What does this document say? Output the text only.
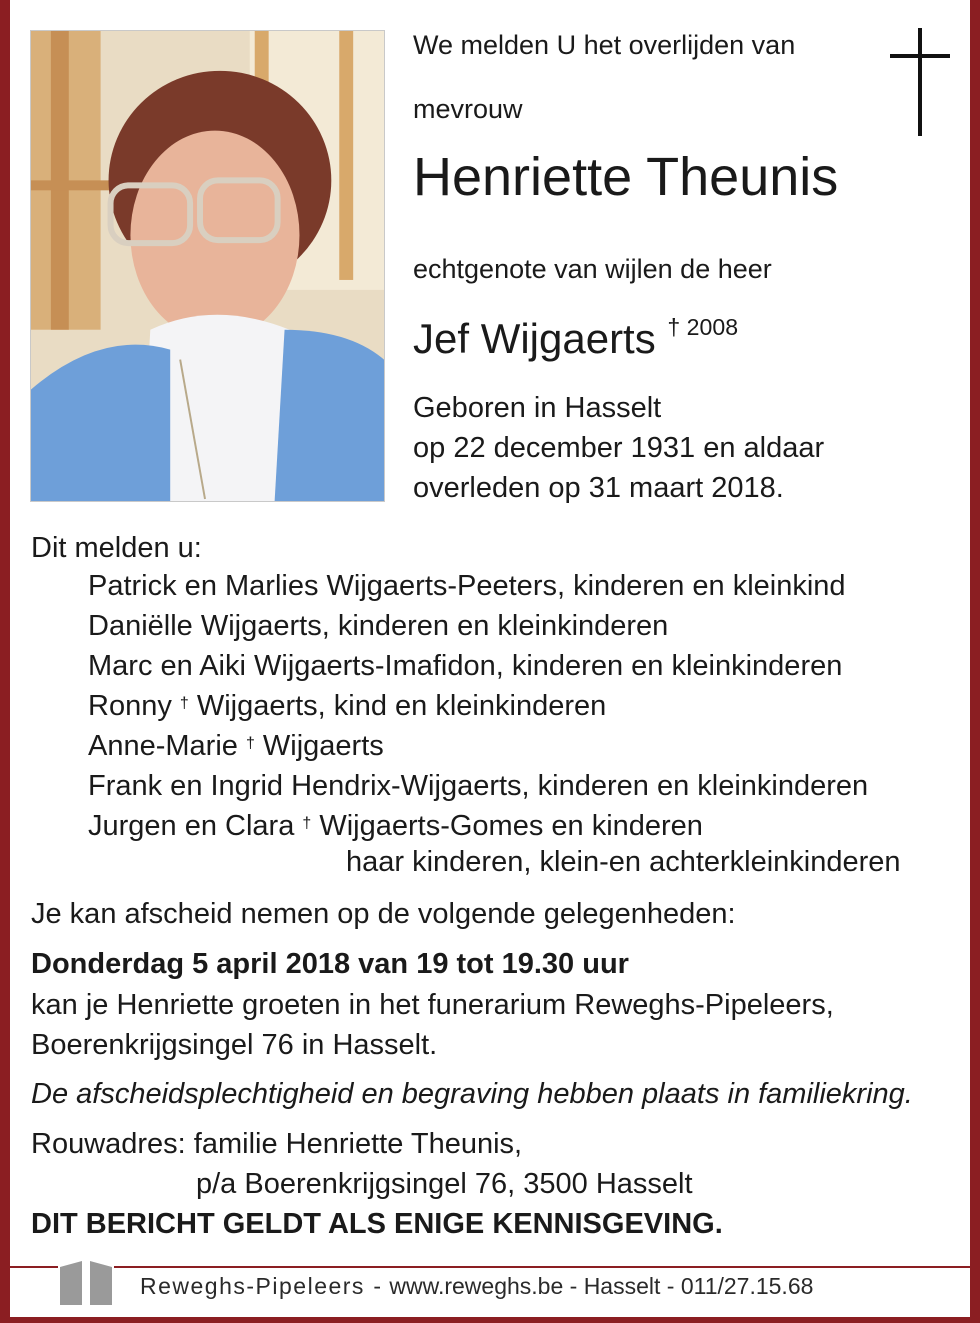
We melden U het overlijden van
mevrouw
Henriette Theunis
echtgenote van wijlen de heer
Jef Wijgaerts $^{\dagger 2008}$
Geboren in Hasselt
op 22 december 1931 en aldaar
overleden op 31 maart 2018.
Dit melden u:
Patrick en Marlies Wijgaerts-Peeters, kinderen en kleinkind
Daniëlle Wijgaerts, kinderen en kleinkinderen
Marc en Aiki Wijgaerts-Imafidon, kinderen en kleinkinderen
Ronny † Wijgaerts, kind en kleinkinderen
Anne-Marie † Wijgaerts
Frank en Ingrid Hendrix-Wijgaerts, kinderen en kleinkinderen
Jurgen en Clara † Wijgaerts-Gomes en kinderen
haar kinderen, klein-en achterkleinkinderen
Je kan afscheid nemen op de volgende gelegenheden:
Donderdag 5 april 2018 van 19 tot 19.30 uur
kan je Henriette groeten in het funerarium Reweghs-Pipeleers,
Boerenkrijgsingel 76 in Hasselt.
De afscheidsplechtigheid en begraving hebben plaats in familiekring.
Rouwadres: familie Henriette Theunis,
p/a Boerenkrijgsingel 76, 3500 Hasselt
DIT BERICHT GELDT ALS ENIGE KENNISGEVING.
Reweghs-Pipeleers - www.reweghs.be - Hasselt - 011/27.15.68
